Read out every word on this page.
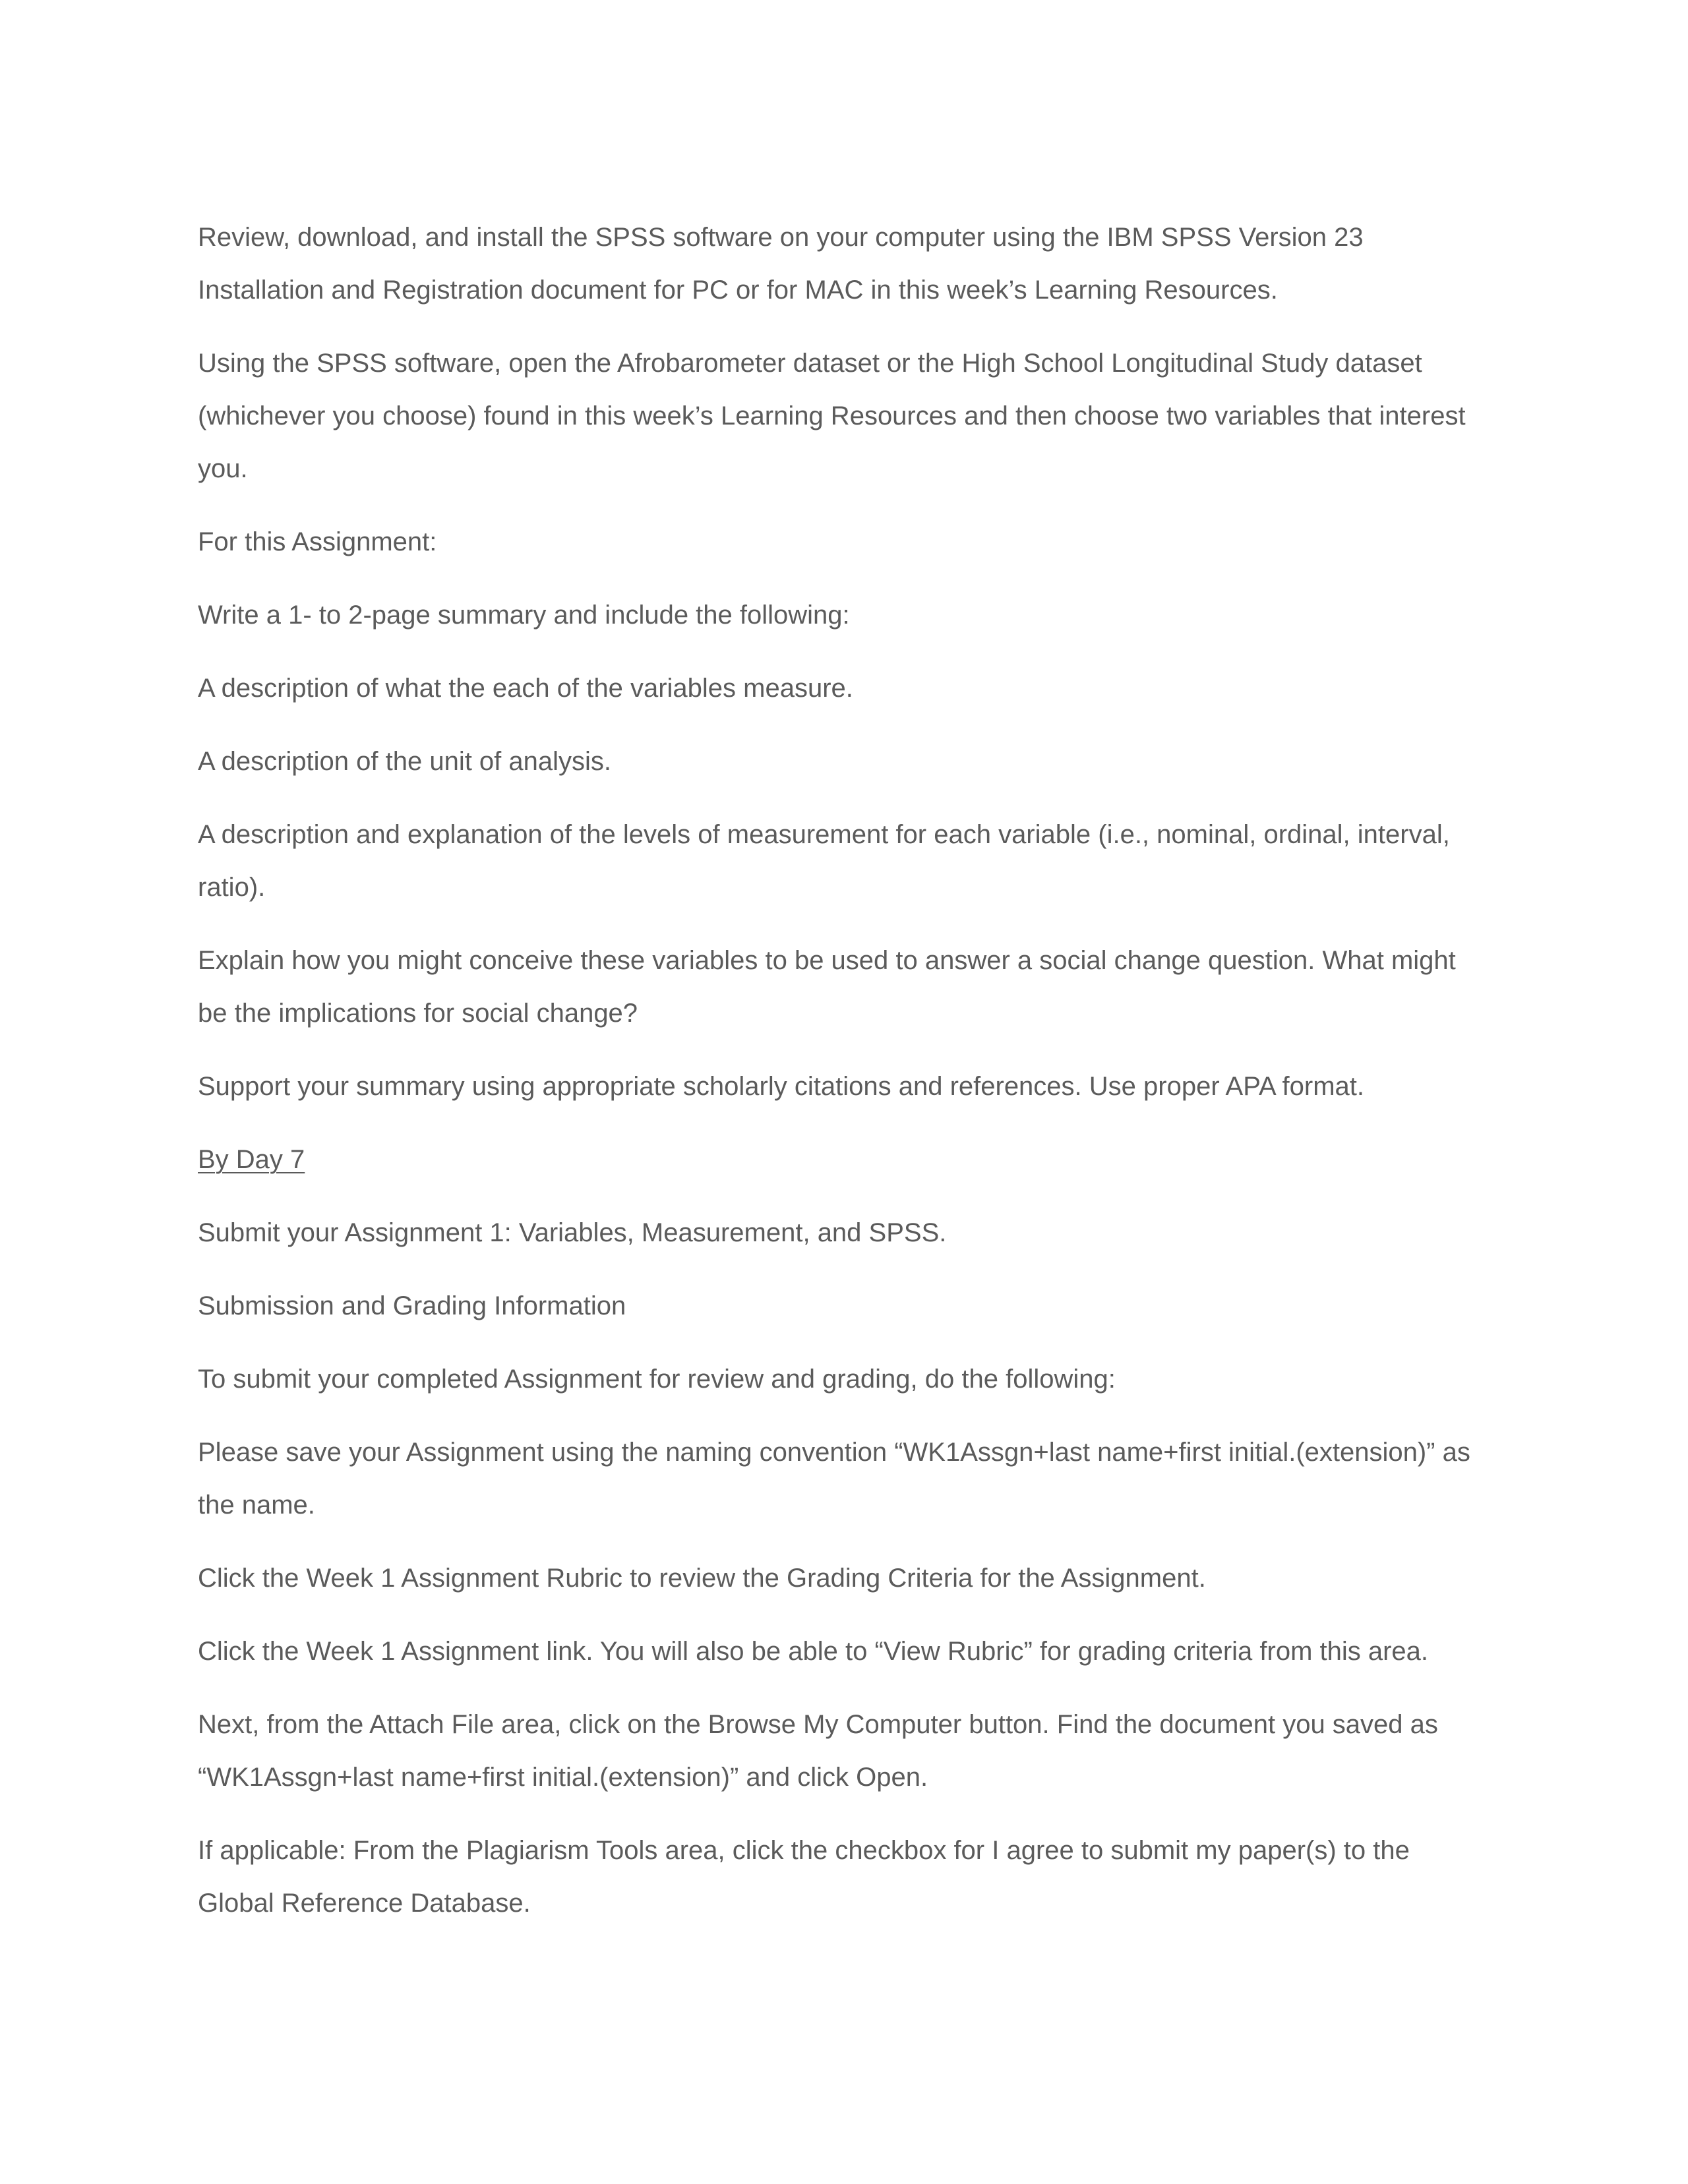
Review, download, and install the SPSS software on your computer using the IBM SPSS Version 23 Installation and Registration document for PC or for MAC in this week’s Learning Resources.

Using the SPSS software, open the Afrobarometer dataset or the High School Longitudinal Study dataset (whichever you choose) found in this week’s Learning Resources and then choose two variables that interest you.

For this Assignment:

Write a 1- to 2-page summary and include the following:

A description of what the each of the variables measure.

A description of the unit of analysis.

A description and explanation of the levels of measurement for each variable (i.e., nominal, ordinal, interval, ratio).

Explain how you might conceive these variables to be used to answer a social change question. What might be the implications for social change?

Support your summary using appropriate scholarly citations and references. Use proper APA format.

By Day 7

Submit your Assignment 1: Variables, Measurement, and SPSS.

Submission and Grading Information

To submit your completed Assignment for review and grading, do the following:

Please save your Assignment using the naming convention “WK1Assgn+last name+first initial.(extension)” as the name.

Click the Week 1 Assignment Rubric to review the Grading Criteria for the Assignment.

Click the Week 1 Assignment link. You will also be able to “View Rubric” for grading criteria from this area.

Next, from the Attach File area, click on the Browse My Computer button. Find the document you saved as “WK1Assgn+last name+first initial.(extension)” and click Open.

If applicable: From the Plagiarism Tools area, click the checkbox for I agree to submit my paper(s) to the Global Reference Database.
